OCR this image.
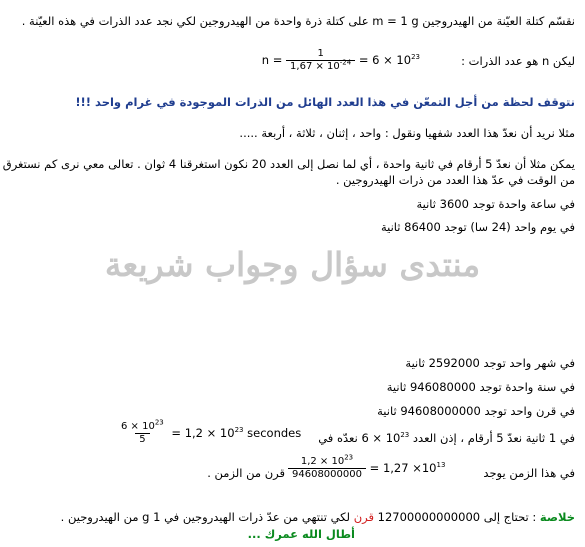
نقسّم كتلة العيّنة من الهيدروجين m = 1 g على كتلة ذرة واحدة من الهيدروجين لكي نجد عدد الذرات في هذه العيّنة .
ليكن n هو عدد الذرات :
$n = \frac{1}{1,67 \times 10^{-24}} = 6 \times 10^{23}$
نتوقف لحظة من أجل التمعّن في هذا العدد الهائل من الذرات الموجودة في غرام واحد !!!
مثلا نريد أن نعدّ هذا العدد شفهيا ونقول : واحد ، إثنان ، ثلاثة ، أربعة .....
يمكن مثلا أن نعدّ 5 أرقام في ثانية واحدة ، أي لما نصل إلى العدد 20 نكون استغرقنا 4 ثوان . تعالى معي نرى كم نستغرق
من الوقت في عدّ هذا العدد من ذرات الهيدروجين .
في ساعة واحدة توجد 3600 ثانية
في يوم واحد (24 سا) توجد 86400 ثانية
منتدى سؤال وجواب شريعة
في شهر واحد توجد 2592000 ثانية
في سنة واحدة توجد 946080000 ثانية
في قرن واحد توجد 94608000000 ثانية
في 1 ثانية نعدّ 5 أرقام ، إذن العدد $6 \times 10^{23}$ نعدّه في
$\frac{6 \times 10^{23}}{5} = 1,2 \times 10^{23}$ secondes
في هذا الزمن يوجد
قرن من الزمن . $\frac{1,2 \times 10^{23}}{94608000000} = 1,27 \times 10^{13}$
خلاصة : تحتاج إلى 12700000000000 قرن لكي تنتهي من عدّ ذرات الهيدروجين في 1 g من الهيدروجين .
أطال الله عمرك ...
